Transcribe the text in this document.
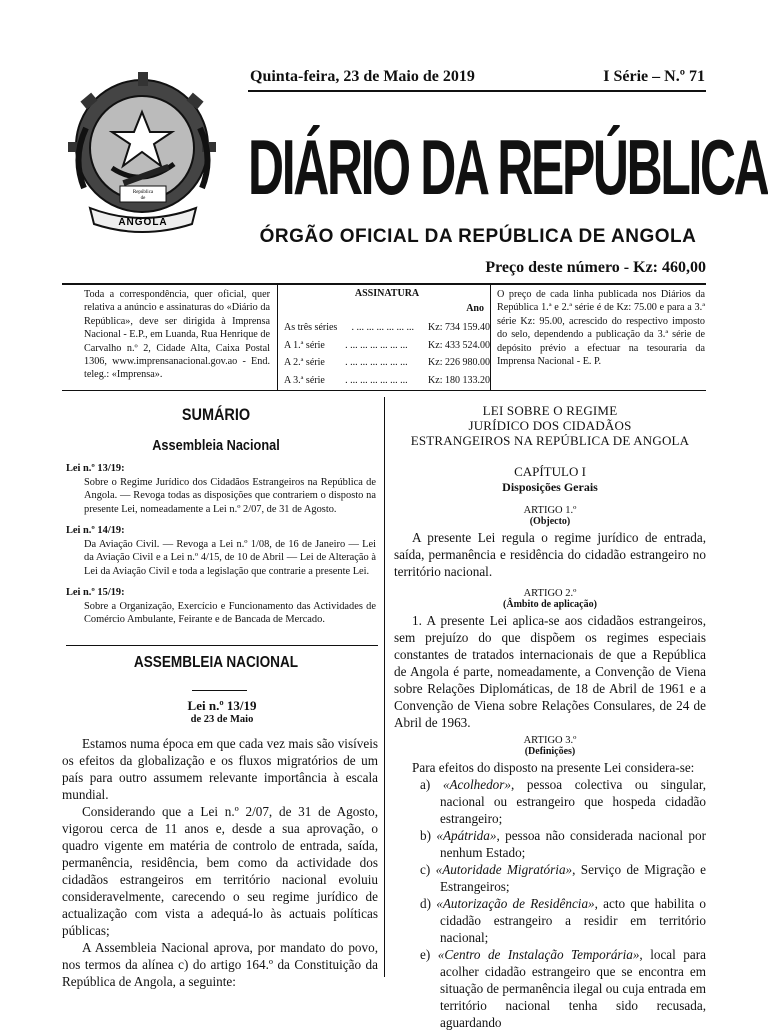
República
de
ANGOLA
Quinta-feira, 23 de Maio de 2019	I Série – N.º 71
DIÁRIO DA REPÚBLICA
ÓRGÃO OFICIAL DA REPÚBLICA DE ANGOLA
Preço deste número - Kz: 460,00
Toda a correspondência, quer oficial, quer relativa a anúncio e assinaturas do «Diário da República», deve ser dirigida à Imprensa Nacional - E.P., em Luanda, Rua Henrique de Carvalho n.º 2, Cidade Alta, Caixa Postal 1306, www.imprensanacional.gov.ao - End. teleg.: «Imprensa».
ASSINATURA
Ano
As três séries . ... ... ... ... ... ... Kz: 734 159.40
A 1.ª série . ... ... ... ... ... ... Kz: 433 524.00
A 2.ª série . ... ... ... ... ... ... Kz: 226 980.00
A 3.ª série . ... ... ... ... ... ... Kz: 180 133.20
O preço de cada linha publicada nos Diários da República 1.ª e 2.ª série é de Kz: 75.00 e para a 3.ª série Kz: 95.00, acrescido do respectivo imposto do selo, dependendo a publicação da 3.ª série de depósito prévio a efectuar na tesouraria da Imprensa Nacional - E. P.
SUMÁRIO
Assembleia Nacional
Lei n.º 13/19:
Sobre o Regime Jurídico dos Cidadãos Estrangeiros na República de Angola. — Revoga todas as disposições que contrariem o disposto na presente Lei, nomeadamente a Lei n.º 2/07, de 31 de Agosto.
Lei n.º 14/19:
Da Aviação Civil. — Revoga a Lei n.º 1/08, de 16 de Janeiro — Lei da Aviação Civil e a Lei n.º 4/15, de 10 de Abril — Lei de Alteração à Lei da Aviação Civil e toda a legislação que contrarie a presente Lei.
Lei n.º 15/19:
Sobre a Organização, Exercício e Funcionamento das Actividades de Comércio Ambulante, Feirante e de Bancada de Mercado.
ASSEMBLEIA NACIONAL
Lei n.º 13/19
de 23 de Maio

Estamos numa época em que cada vez mais são visíveis os efeitos da globalização e os fluxos migratórios de um país para outro assumem relevante importância à escala mundial.

Considerando que a Lei n.º 2/07, de 31 de Agosto, vigorou cerca de 11 anos e, desde a sua aprovação, o quadro vigente em matéria de controlo de entrada, saída, permanência, residência, bem como da actividade dos cidadãos estrangeiros em território nacional evoluiu consideravelmente, carecendo o seu regime jurídico de actualização com vista a adequá-lo às actuais políticas públicas;

A Assembleia Nacional aprova, por mandato do povo, nos termos da alínea c) do artigo 164.º da Constituição da República de Angola, a seguinte:

LEI SOBRE O REGIME
JURÍDICO DOS CIDADÃOS
ESTRANGEIROS NA REPÚBLICA DE ANGOLA
CAPÍTULO I
Disposições Gerais
ARTIGO 1.º
(Objecto)

A presente Lei regula o regime jurídico de entrada, saída, permanência e residência do cidadão estrangeiro no território nacional.

ARTIGO 2.º
(Âmbito de aplicação)

1. A presente Lei aplica-se aos cidadãos estrangeiros, sem prejuízo do que dispõem os regimes especiais constantes de tratados internacionais de que a República de Angola é parte, nomeadamente, a Convenção de Viena sobre Relações Diplomáticas, de 18 de Abril de 1961 e a Convenção de Viena sobre Relações Consulares, de 24 de Abril de 1963.

ARTIGO 3.º
(Definições)

Para efeitos do disposto na presente Lei considera-se:

a) «Acolhedor», pessoa colectiva ou singular, nacional ou estrangeiro que hospeda cidadão estrangeiro;

b) «Apátrida», pessoa não considerada nacional por nenhum Estado;

c) «Autoridade Migratória», Serviço de Migração e Estrangeiros;

d) «Autorização de Residência», acto que habilita o cidadão estrangeiro a residir em território nacional;

e) «Centro de Instalação Temporária», local para acolher cidadão estrangeiro que se encontra em situação de permanência ilegal ou cuja entrada em território nacional tenha sido recusada, aguardando
